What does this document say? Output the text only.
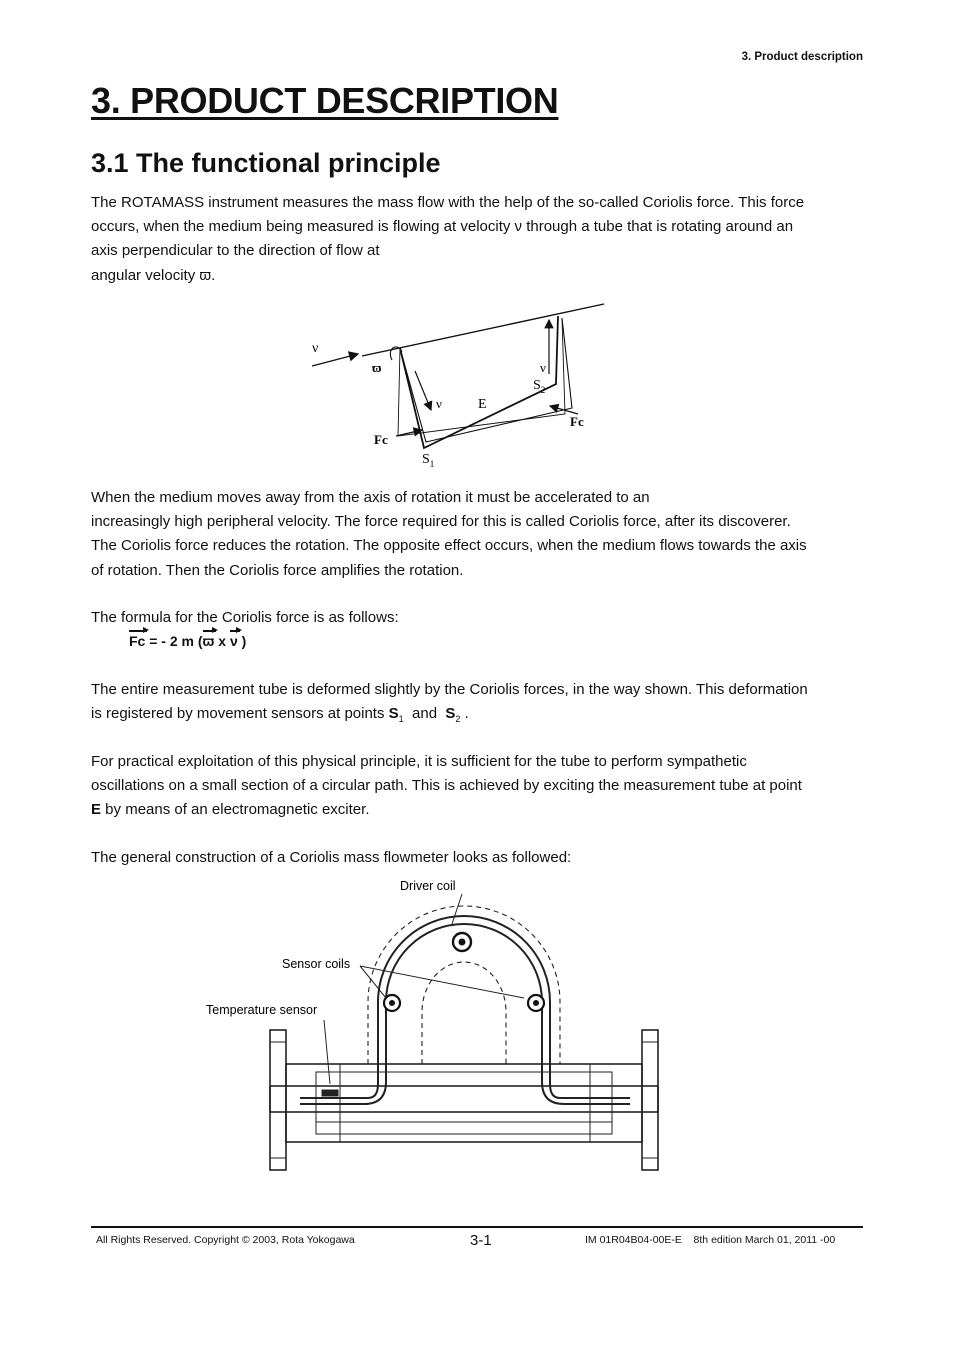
3. Product description
3. PRODUCT DESCRIPTION
3.1 The functional principle
The ROTAMASS instrument measures the mass flow with the help of the so-called Coriolis force. This force
occurs, when the medium being measured is flowing at velocity ν through a tube that is rotating around an
axis perpendicular to the direction of flow at
angular velocity ϖ.
ν
ϖ
ν	E
ν
$S_2$
Fc
Fc
$S_1$
When the medium moves away from the axis of rotation it must be accelerated to an
increasingly high peripheral velocity. The force required for this is called Coriolis force, after its discoverer.
The Coriolis force reduces the rotation. The opposite effect occurs, when the medium flows towards the axis
of rotation. Then the Coriolis force amplifies the rotation.
The formula for the Coriolis force is as follows:
Fc = - 2 m (ϖ x ν )
The entire measurement tube is deformed slightly by the Coriolis forces, in the way shown. This deformation
is registered by movement sensors at points $S_1$  and  $S_2$ .
For practical exploitation of this physical principle, it is sufficient for the tube to perform sympathetic
oscillations on a small section of a circular path. This is achieved by exciting the measurement tube at point
E by means of an electromagnetic exciter.
The general construction of a Coriolis mass flowmeter looks as followed:
Driver coil
Sensor coils
Temperature sensor
All Rights Reserved. Copyright © 2003, Rota Yokogawa	3-1	IM 01R04B04-00E-E    8th edition March 01, 2011 -00
